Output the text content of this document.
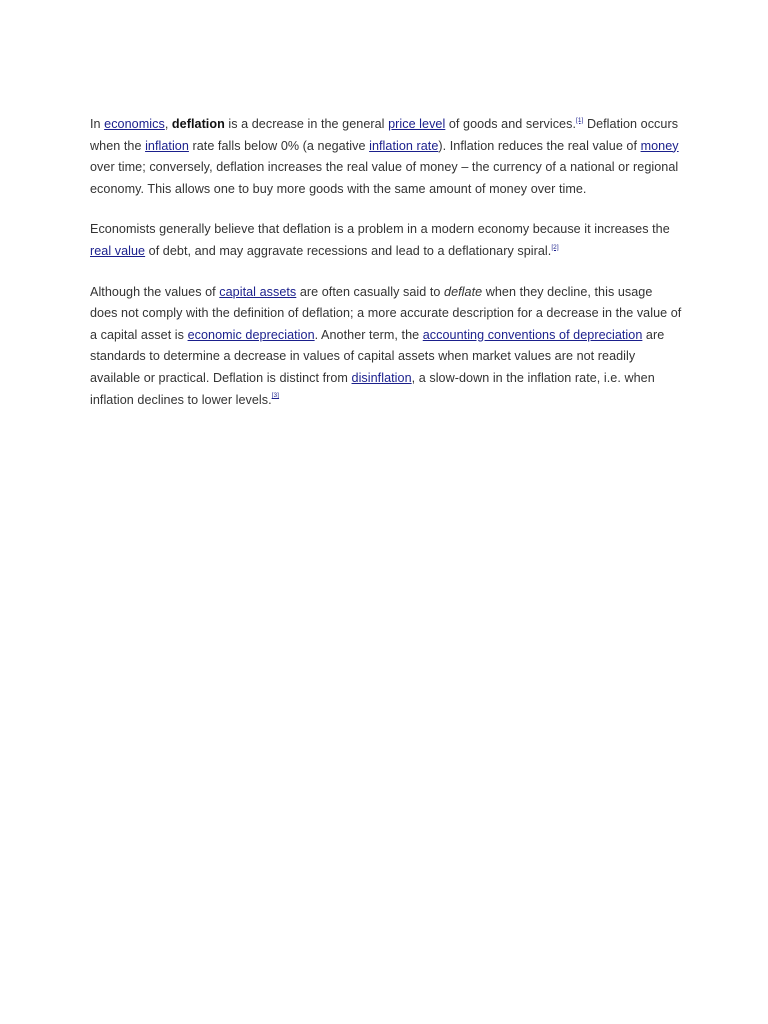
In economics, deflation is a decrease in the general price level of goods and services.[1] Deflation occurs when the inflation rate falls below 0% (a negative inflation rate). Inflation reduces the real value of money over time; conversely, deflation increases the real value of money – the currency of a national or regional economy. This allows one to buy more goods with the same amount of money over time.

Economists generally believe that deflation is a problem in a modern economy because it increases the real value of debt, and may aggravate recessions and lead to a deflationary spiral.[2]

Although the values of capital assets are often casually said to deflate when they decline, this usage does not comply with the definition of deflation; a more accurate description for a decrease in the value of a capital asset is economic depreciation. Another term, the accounting conventions of depreciation are standards to determine a decrease in values of capital assets when market values are not readily available or practical. Deflation is distinct from disinflation, a slow-down in the inflation rate, i.e. when inflation declines to lower levels.[3]
